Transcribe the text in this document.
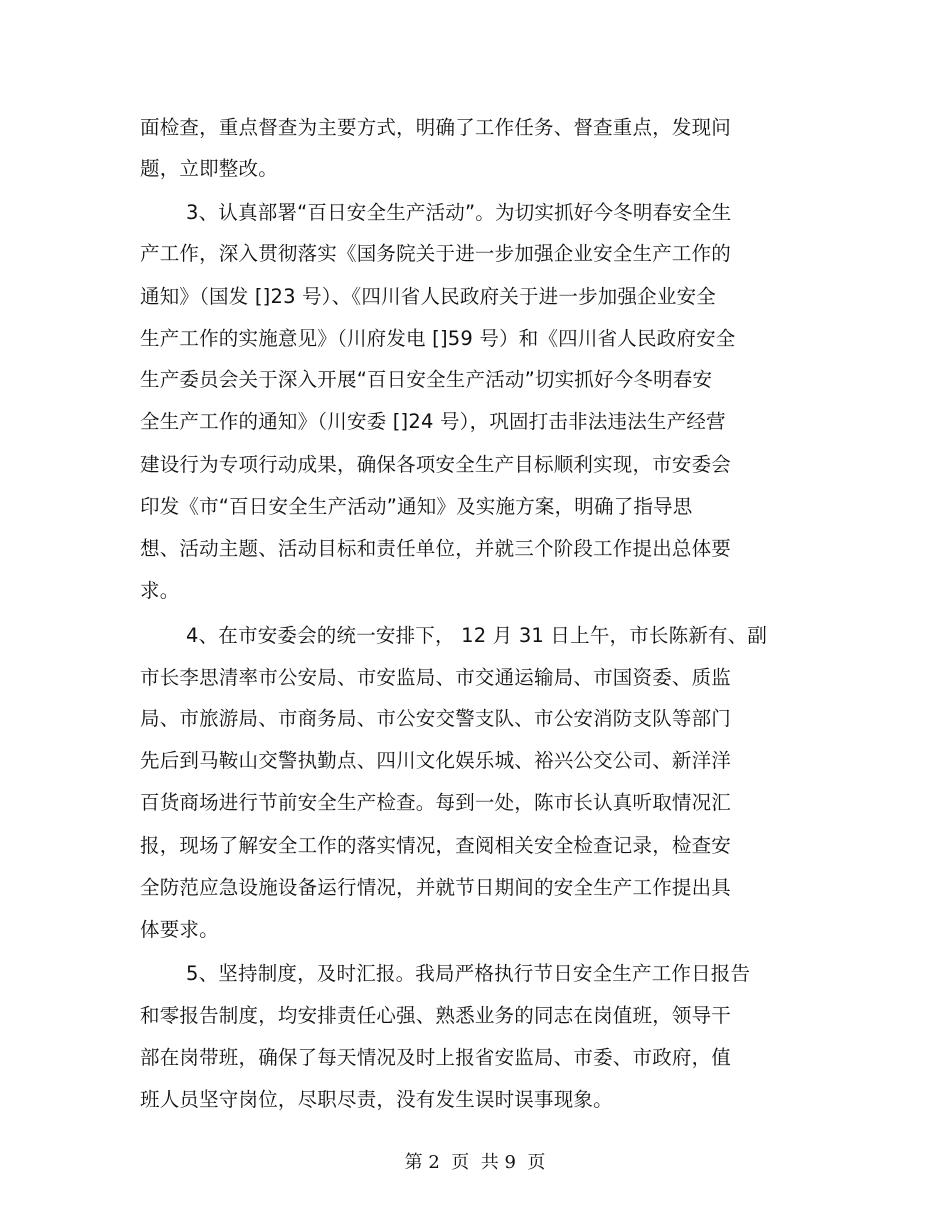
面检查，重点督查为主要方式，明确了工作任务、督查重点，发现问
题，立即整改。
3、认真部署“百日安全生产活动”。为切实抓好今冬明春安全生
产工作，深入贯彻落实《国务院关于进一步加强企业安全生产工作的
通知》（国发 []23 号）、《四川省人民政府关于进一步加强企业安全
生产工作的实施意见》（川府发电 []59 号）和《四川省人民政府安全
生产委员会关于深入开展“百日安全生产活动”切实抓好今冬明春安
全生产工作的通知》（川安委 []24 号），巩固打击非法违法生产经营
建设行为专项行动成果，确保各项安全生产目标顺利实现，市安委会
印发《市“百日安全生产活动”通知》及实施方案，明确了指导思
想、活动主题、活动目标和责任单位，并就三个阶段工作提出总体要
求。
4、在市安委会的统一安排下， 12 月 31 日上午，市长陈新有、副
市长李思清率市公安局、市安监局、市交通运输局、市国资委、质监
局、市旅游局、市商务局、市公安交警支队、市公安消防支队等部门
先后到马鞍山交警执勤点、四川文化娱乐城、裕兴公交公司、新洋洋
百货商场进行节前安全生产检查。每到一处，陈市长认真听取情况汇
报，现场了解安全工作的落实情况，查阅相关安全检查记录，检查安
全防范应急设施设备运行情况，并就节日期间的安全生产工作提出具
体要求。
5、坚持制度，及时汇报。我局严格执行节日安全生产工作日报告
和零报告制度，均安排责任心强、熟悉业务的同志在岗值班，领导干
部在岗带班，确保了每天情况及时上报省安监局、市委、市政府，值
班人员坚守岗位，尽职尽责，没有发生误时误事现象。
第 2  页  共 9  页
